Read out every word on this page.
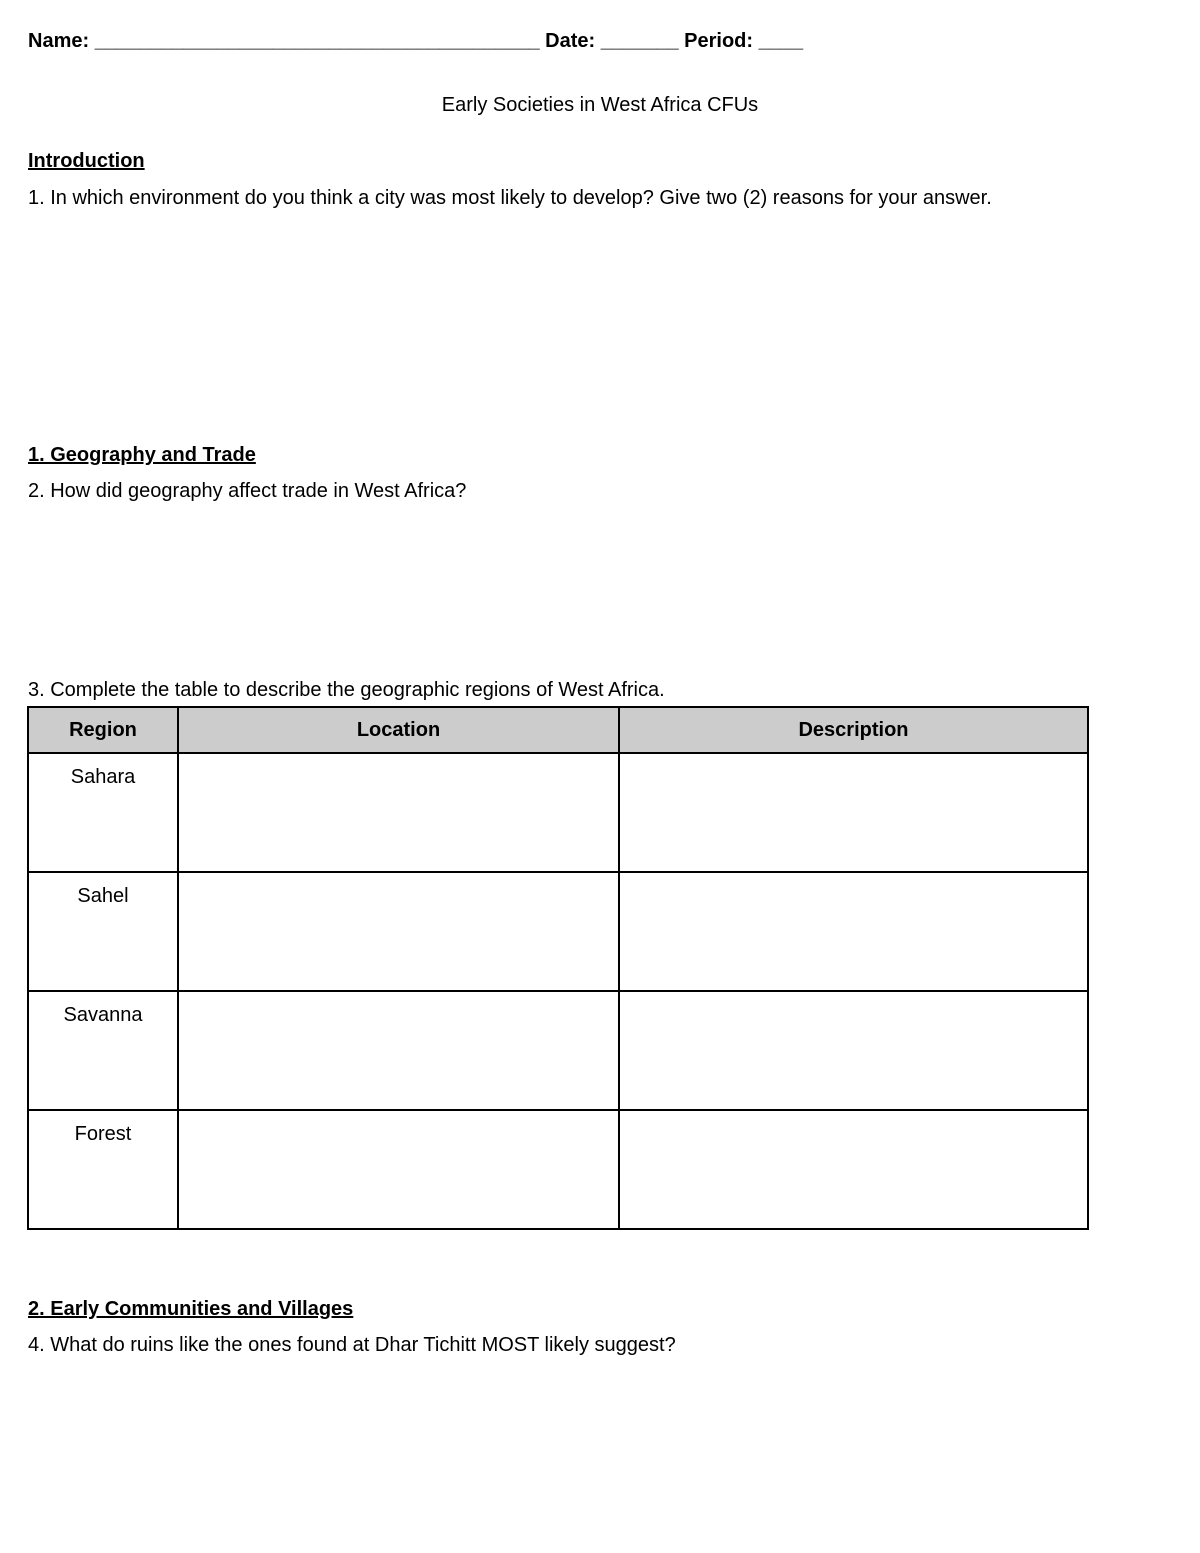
Name: ________________________________________ Date: _______ Period: ____

Early Societies in West Africa CFUs

Introduction

1. In which environment do you think a city was most likely to develop? Give two (2) reasons for your answer.

1. Geography and Trade

2. How did geography affect trade in West Africa?

3. Complete the table to describe the geographic regions of West Africa.

Region	Location	Description
Sahara		
Sahel		
Savanna		
Forest		

2. Early Communities and Villages

4. What do ruins like the ones found at Dhar Tichitt MOST likely suggest?
